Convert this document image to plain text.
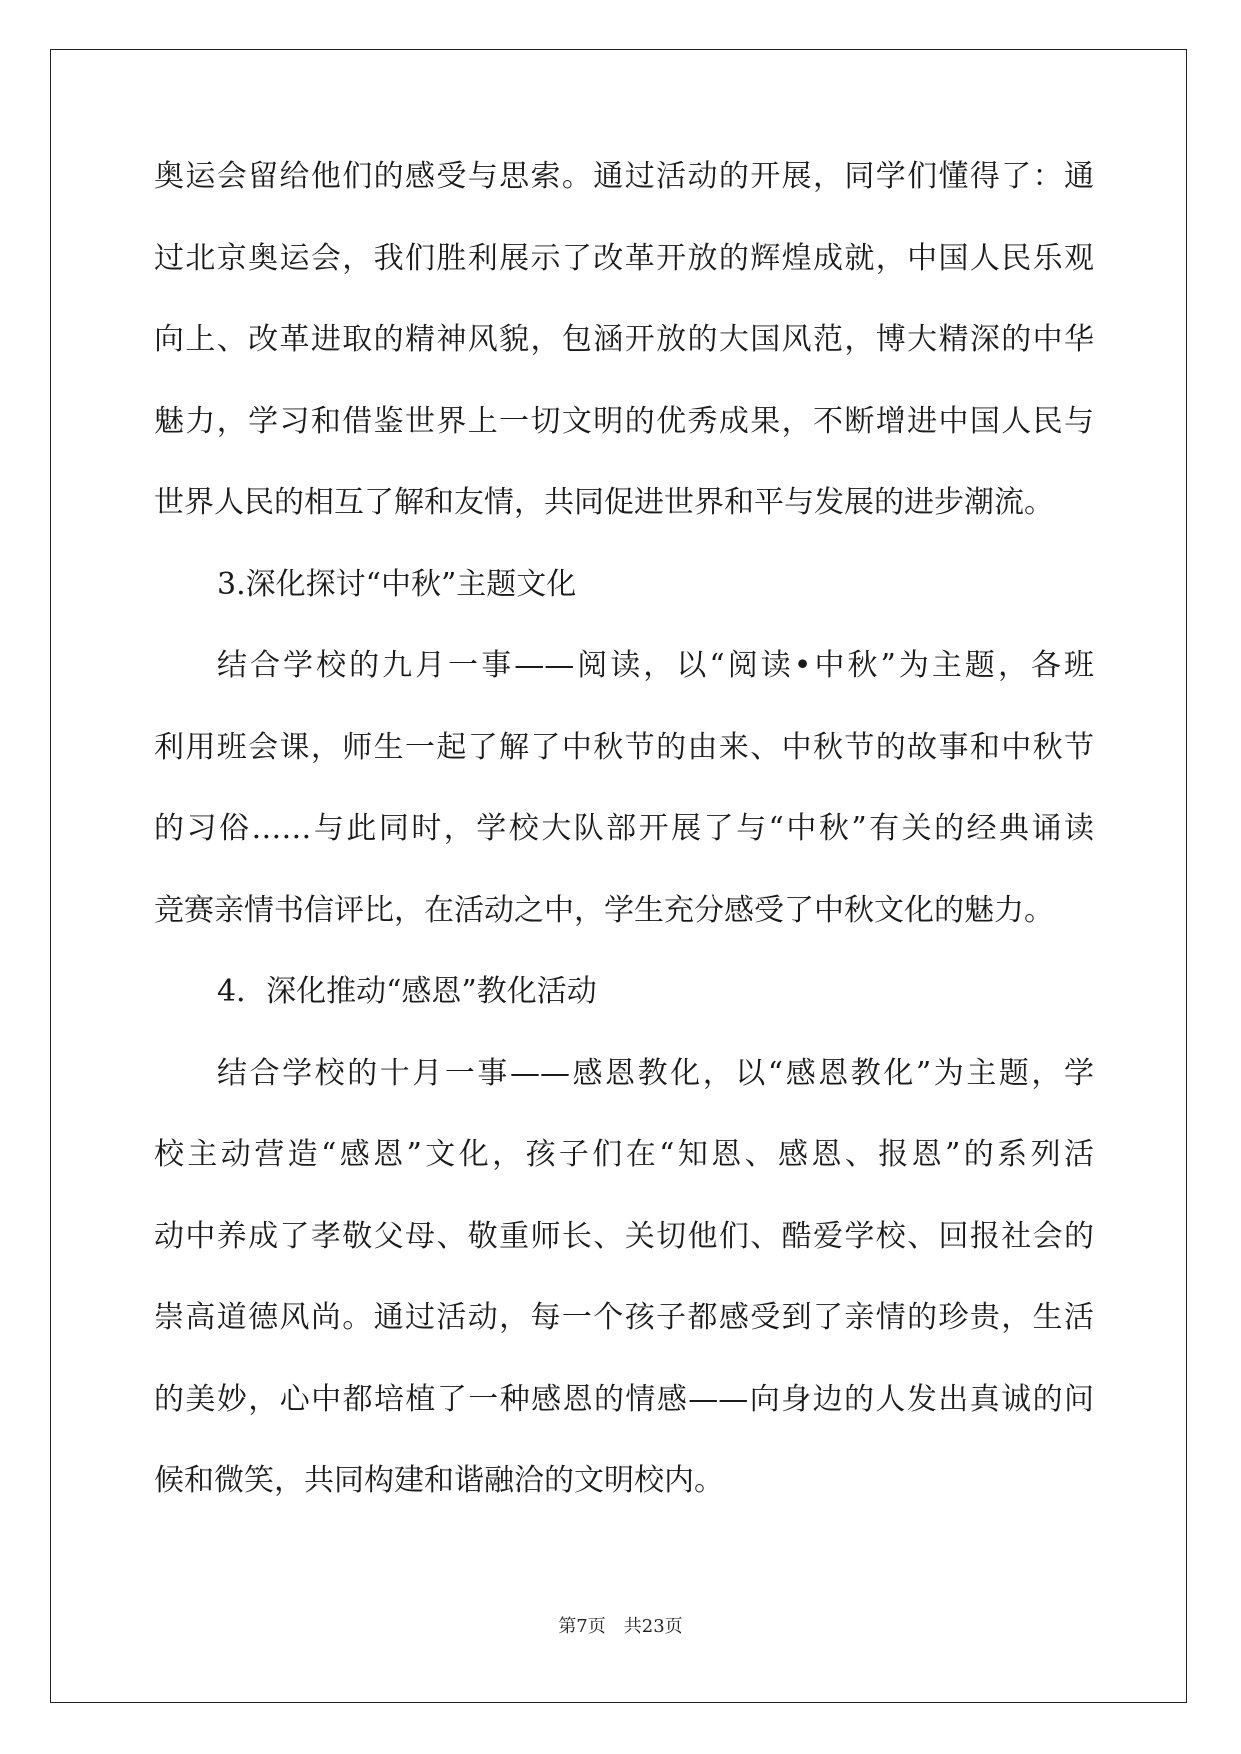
奥运会留给他们的感受与思索。通过活动的开展，同学们懂得了：通
过北京奥运会，我们胜利展示了改革开放的辉煌成就，中国人民乐观
向上、改革进取的精神风貌，包涵开放的大国风范，博大精深的中华
魅力，学习和借鉴世界上一切文明的优秀成果，不断增进中国人民与
世界人民的相互了解和友情，共同促进世界和平与发展的进步潮流。
3.深化探讨“中秋”主题文化
结合学校的九月一事——阅读，以“阅读•中秋”为主题，各班
利用班会课，师生一起了解了中秋节的由来、中秋节的故事和中秋节
的习俗……与此同时，学校大队部开展了与“中秋”有关的经典诵读
竞赛亲情书信评比，在活动之中，学生充分感受了中秋文化的魅力。
4．深化推动“感恩”教化活动
结合学校的十月一事——感恩教化，以“感恩教化”为主题，学
校主动营造“感恩”文化，孩子们在“知恩、感恩、报恩”的系列活
动中养成了孝敬父母、敬重师长、关切他们、酷爱学校、回报社会的
崇高道德风尚。通过活动，每一个孩子都感受到了亲情的珍贵，生活
的美妙，心中都培植了一种感恩的情感——向身边的人发出真诚的问
候和微笑，共同构建和谐融洽的文明校内。
第7页　共23页
